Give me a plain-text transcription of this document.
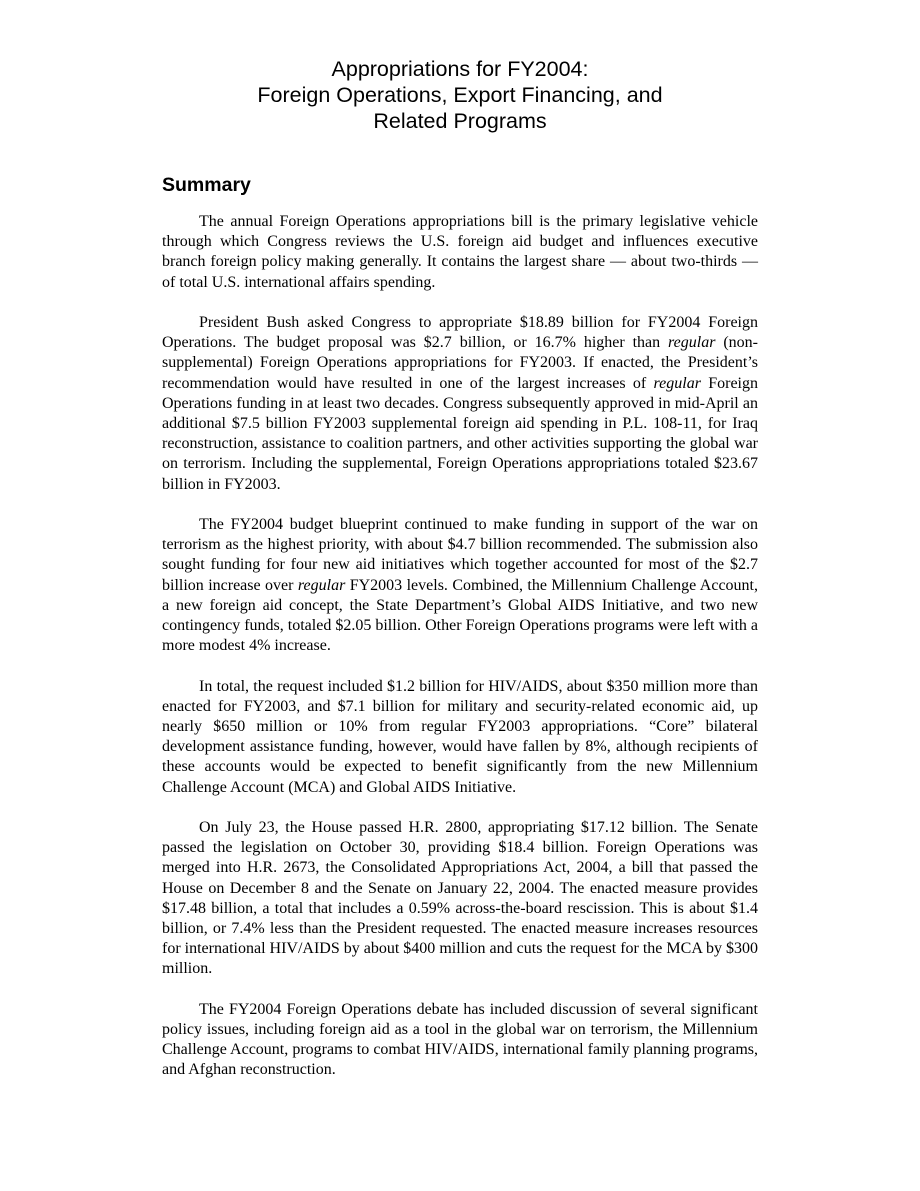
Appropriations for FY2004:
Foreign Operations, Export Financing, and
Related Programs
Summary

The annual Foreign Operations appropriations bill is the primary legislative vehicle through which Congress reviews the U.S. foreign aid budget and influences executive branch foreign policy making generally. It contains the largest share — about two-thirds — of total U.S. international affairs spending.

President Bush asked Congress to appropriate $18.89 billion for FY2004 Foreign Operations. The budget proposal was $2.7 billion, or 16.7% higher than regular (non-supplemental) Foreign Operations appropriations for FY2003. If enacted, the President’s recommendation would have resulted in one of the largest increases of regular Foreign Operations funding in at least two decades. Congress subsequently approved in mid-April an additional $7.5 billion FY2003 supplemental foreign aid spending in P.L. 108-11, for Iraq reconstruction, assistance to coalition partners, and other activities supporting the global war on terrorism. Including the supplemental, Foreign Operations appropriations totaled $23.67 billion in FY2003.

The FY2004 budget blueprint continued to make funding in support of the war on terrorism as the highest priority, with about $4.7 billion recommended. The submission also sought funding for four new aid initiatives which together accounted for most of the $2.7 billion increase over regular FY2003 levels. Combined, the Millennium Challenge Account, a new foreign aid concept, the State Department’s Global AIDS Initiative, and two new contingency funds, totaled $2.05 billion. Other Foreign Operations programs were left with a more modest 4% increase.

In total, the request included $1.2 billion for HIV/AIDS, about $350 million more than enacted for FY2003, and $7.1 billion for military and security-related economic aid, up nearly $650 million or 10% from regular FY2003 appropriations. “Core” bilateral development assistance funding, however, would have fallen by 8%, although recipients of these accounts would be expected to benefit significantly from the new Millennium Challenge Account (MCA) and Global AIDS Initiative.

On July 23, the House passed H.R. 2800, appropriating $17.12 billion. The Senate passed the legislation on October 30, providing $18.4 billion. Foreign Operations was merged into H.R. 2673, the Consolidated Appropriations Act, 2004, a bill that passed the House on December 8 and the Senate on January 22, 2004. The enacted measure provides $17.48 billion, a total that includes a 0.59% across-the-board rescission. This is about $1.4 billion, or 7.4% less than the President requested. The enacted measure increases resources for international HIV/AIDS by about $400 million and cuts the request for the MCA by $300 million.

The FY2004 Foreign Operations debate has included discussion of several significant policy issues, including foreign aid as a tool in the global war on terrorism, the Millennium Challenge Account, programs to combat HIV/AIDS, international family planning programs, and Afghan reconstruction.
